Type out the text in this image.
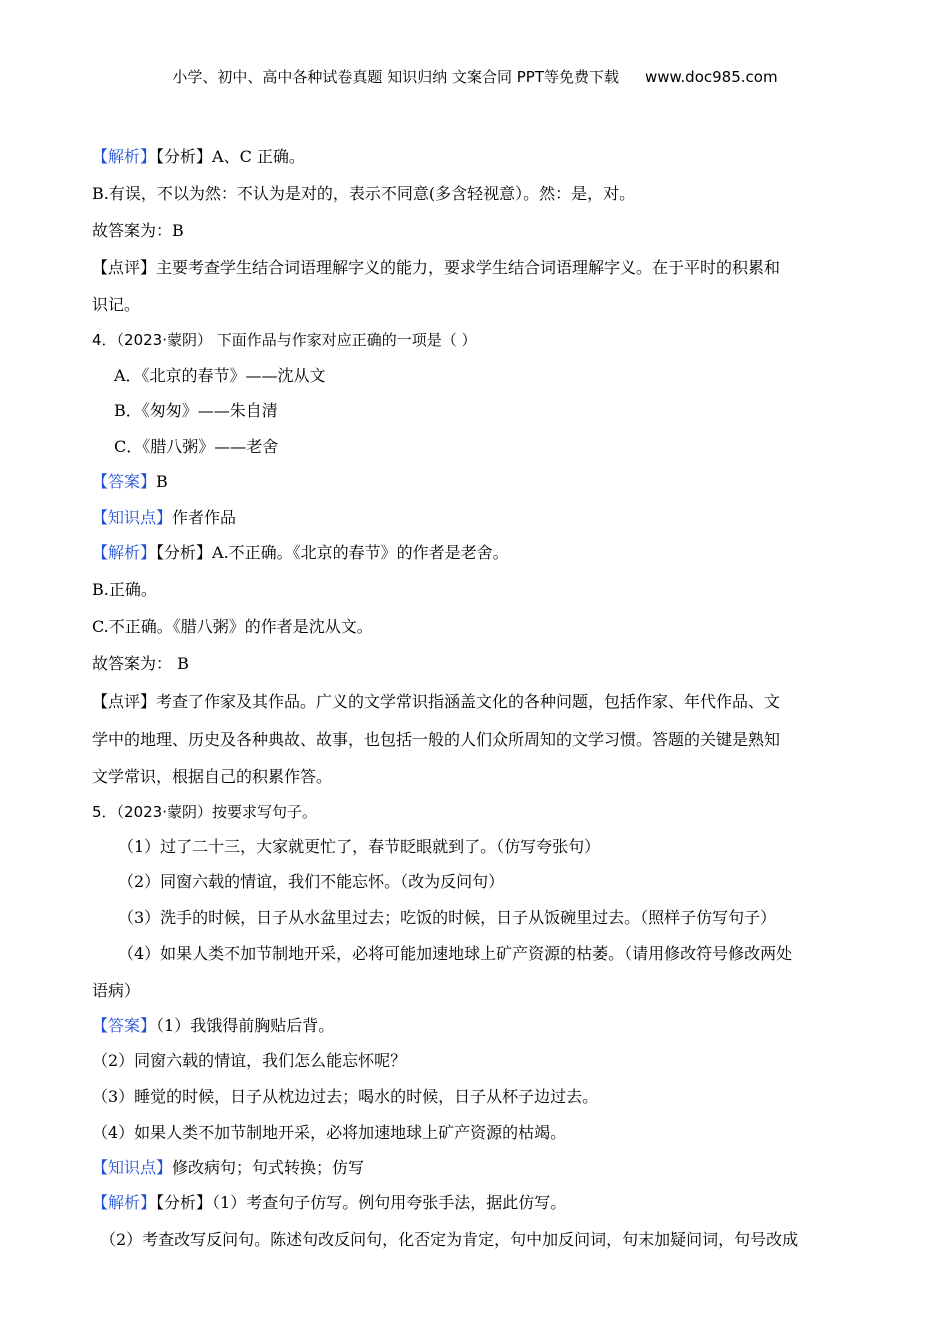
小学、初中、高中各种试卷真题 知识归纳 文案合同 PPT等免费下载 www.doc985.com
【解析】【分析】A、C 正确。
B.有误，不以为然：不认为是对的，表示不同意(多含轻视意）。然：是，对。
故答案为：B
【点评】主要考查学生结合词语理解字义的能力，要求学生结合词语理解字义。在于平时的积累和
识记。
4．（2023·蒙阴） 下面作品与作家对应正确的一项是（ ）
A．《北京的春节》——沈从文
B．《匆匆》——朱自清
C．《腊八粥》——老舍
【答案】B
【知识点】作者作品
【解析】【分析】A.不正确。《北京的春节》的作者是老舍。
B.正确。
C.不正确。《腊八粥》的作者是沈从文。
故答案为： B
【点评】考查了作家及其作品。广义的文学常识指涵盖文化的各种问题，包括作家、年代作品、文
学中的地理、历史及各种典故、故事，也包括一般的人们众所周知的文学习惯。答题的关键是熟知
文学常识，根据自己的积累作答。
5．（2023·蒙阴）按要求写句子。
（1）过了二十三，大家就更忙了，春节眨眼就到了。（仿写夸张句）
（2）同窗六载的情谊，我们不能忘怀。（改为反问句）
（3）洗手的时候，日子从水盆里过去；吃饭的时候，日子从饭碗里过去。（照样子仿写句子）
（4）如果人类不加节制地开采，必将可能加速地球上矿产资源的枯萎。（请用修改符号修改两处
语病）
【答案】（1）我饿得前胸贴后背。
（2）同窗六载的情谊，我们怎么能忘怀呢？
（3）睡觉的时候，日子从枕边过去；喝水的时候，日子从杯子边过去。
（4）如果人类不加节制地开采，必将加速地球上矿产资源的枯竭。
【知识点】修改病句；句式转换；仿写
【解析】【分析】（1）考查句子仿写。例句用夸张手法，据此仿写。
（2）考查改写反问句。陈述句改反问句，化否定为肯定，句中加反问词，句末加疑问词，句号改成
